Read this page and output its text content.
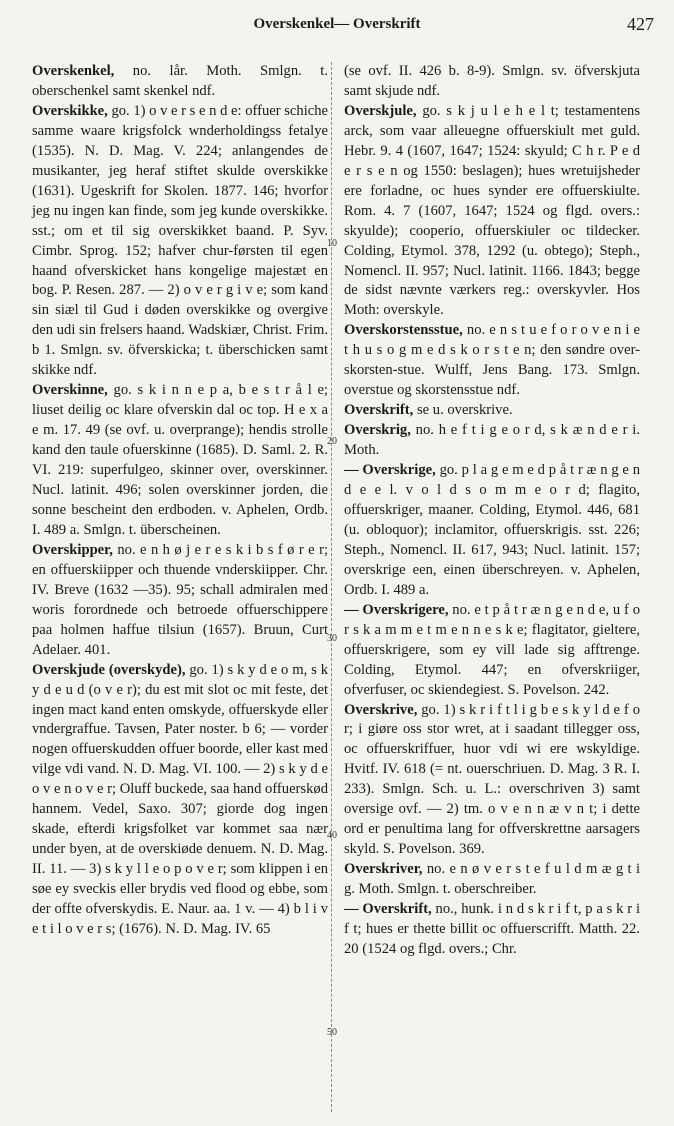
Overskenkel— Overskrift	427
10
20
30
40
50

Overskenkel, no. lår. Moth. Smlgn. t. oberschenkel samt skenkel ndf.

Overskikke, go. 1) o v e r s e n d e: offuer schiche samme waare krigsfolck wnderholdingss fetalye (1535). N. D. Mag. V. 224; anlangendes de musikanter, jeg heraf stiftet skulde overskikke (1631). Ugeskrift for Skolen. 1877. 146; hvorfor jeg nu ingen kan finde, som jeg kunde overskikke. sst.; om et til sig overskikket baand. P. Syv. Cimbr. Sprog. 152; hafver chur-førsten til egen haand ofverskicket hans kongelige majestæt en bog. P. Resen. 287. — 2) o v e r g i v e; som kand sin siæl til Gud i døden overskikke og overgive den udi sin frelsers haand. Wadskiær, Christ. Frim. b 1. Smlgn. sv. öfverskicka; t. überschicken samt skikke ndf.

Overskinne, go. s k i n n e p a, b e s t r å l e; liuset deilig oc klare ofverskin dal oc top. H e x a e m. 17. 49 (se ovf. u. overprange); hendis strolle kand den taule ofuerskinne (1685). D. Saml. 2. R. VI. 219: superfulgeo, skinner over, overskinner. Nucl. latinit. 496; solen overskinner jorden, die sonne bescheint den erdboden. v. Aphelen, Ordb. I. 489 a. Smlgn. t. überscheinen.

Overskipper, no. e n h ø j e r e s k i b s f ø r e r; en offuerskiipper och thuende vnderskiipper. Chr. IV. Breve (1632 —35). 95; schall admiralen med woris forordnede och betroede offuerschippere paa holmen haffue tilsiun (1657). Bruun, Curt Adelaer. 401.

Overskjude (overskyde), go. 1) s k y d e o m, s k y d e u d (o v e r); du est mit slot oc mit feste, det ingen mact kand enten omskyde, offuerskyde eller vndergraffue. Tavsen, Pater noster. b 6; — vorder nogen offuerskudden offuer boorde, eller kast med vilge vdi vand. N. D. Mag. VI. 100. — 2) s k y d e o v e n o v e r; Oluff buckede, saa hand offuerskød hannem. Vedel, Saxo. 307; giorde dog ingen skade, efterdi krigsfolket var kommet saa nær under byen, at de overskiøde denuem. N. D. Mag. II. 11. — 3) s k y l l e o p o v e r; som klippen i en søe ey sveckis eller brydis ved flood og ebbe, som der offte ofverskydis. E. Naur. aa. 1 v. — 4) b l i v e t i l o v e r s; (1676). N. D. Mag. IV. 65

(se ovf. II. 426 b. 8-9). Smlgn. sv. öfverskjuta samt skjude ndf.

Overskjule, go. s k j u l e h e l t; testamentens arck, som vaar alleuegne offuerskiult met guld. Hebr. 9. 4 (1607, 1647; 1524: skyuld; C h r. P e d e r s e n og 1550: beslagen); hues wretuijsheder ere forladne, oc hues synder ere offuerskiulte. Rom. 4. 7 (1607, 1647; 1524 og flgd. overs.: skyulde); cooperio, offuerskiuler oc tildecker. Colding, Etymol. 378, 1292 (u. obtego); Steph., Nomencl. II. 957; Nucl. latinit. 1166. 1843; begge de sidst nævnte værkers reg.: overskyvler. Hos Moth: overskyle.

Overskorstensstue, no. e n s t u e f o r o v e n i e t h u s o g m e d s k o r s t e n; den søndre over-skorsten-stue. Wulff, Jens Bang. 173. Smlgn. overstue og skorstensstue ndf.

Overskrift, se u. overskrive.

Overskrig, no. h e f t i g e o r d, s k æ n d e r i. Moth.

— Overskrige, go. p l a g e m e d p å t r æ n g e n d e e l. v o l d s o m m e o r d; flagito, offuerskriger, maaner. Colding, Etymol. 446, 681 (u. obloquor); inclamitor, offuerskrigis. sst. 226; Steph., Nomencl. II. 617, 943; Nucl. latinit. 157; overskrige een, einen überschreyen. v. Aphelen, Ordb. I. 489 a.

— Overskrigere, no. e t p å t r æ n g e n d e, u f o r s k a m m e t m e n n e s k e; flagitator, gieltere, offuerskrigere, som ey vill lade sig afftrenge. Colding, Etymol. 447; en ofverskriiger, ofverfuser, oc skiendegiest. S. Povelson. 242.

Overskrive, go. 1) s k r i f t l i g b e s k y l d e f o r; i giøre oss stor wret, at i saadant tillegger oss, oc offuerskriffuer, huor vdi wi ere wskyldige. Hvitf. IV. 618 (= nt. ouerschriuen. D. Mag. 3 R. I. 233). Smlgn. Sch. u. L.: overschriven 3) samt oversige ovf. — 2) tm. o v e n n æ v n t; i dette ord er penultima lang for offverskrettne aarsagers skyld. S. Povelson. 369.

Overskriver, no. e n ø v e r s t e f u l d m æ g t i g. Moth. Smlgn. t. oberschreiber.

— Overskrift, no., hunk. i n d s k r i f t, p a s k r i f t; hues er thette billit oc offuerscrifft. Matth. 22. 20 (1524 og flgd. overs.; Chr.
